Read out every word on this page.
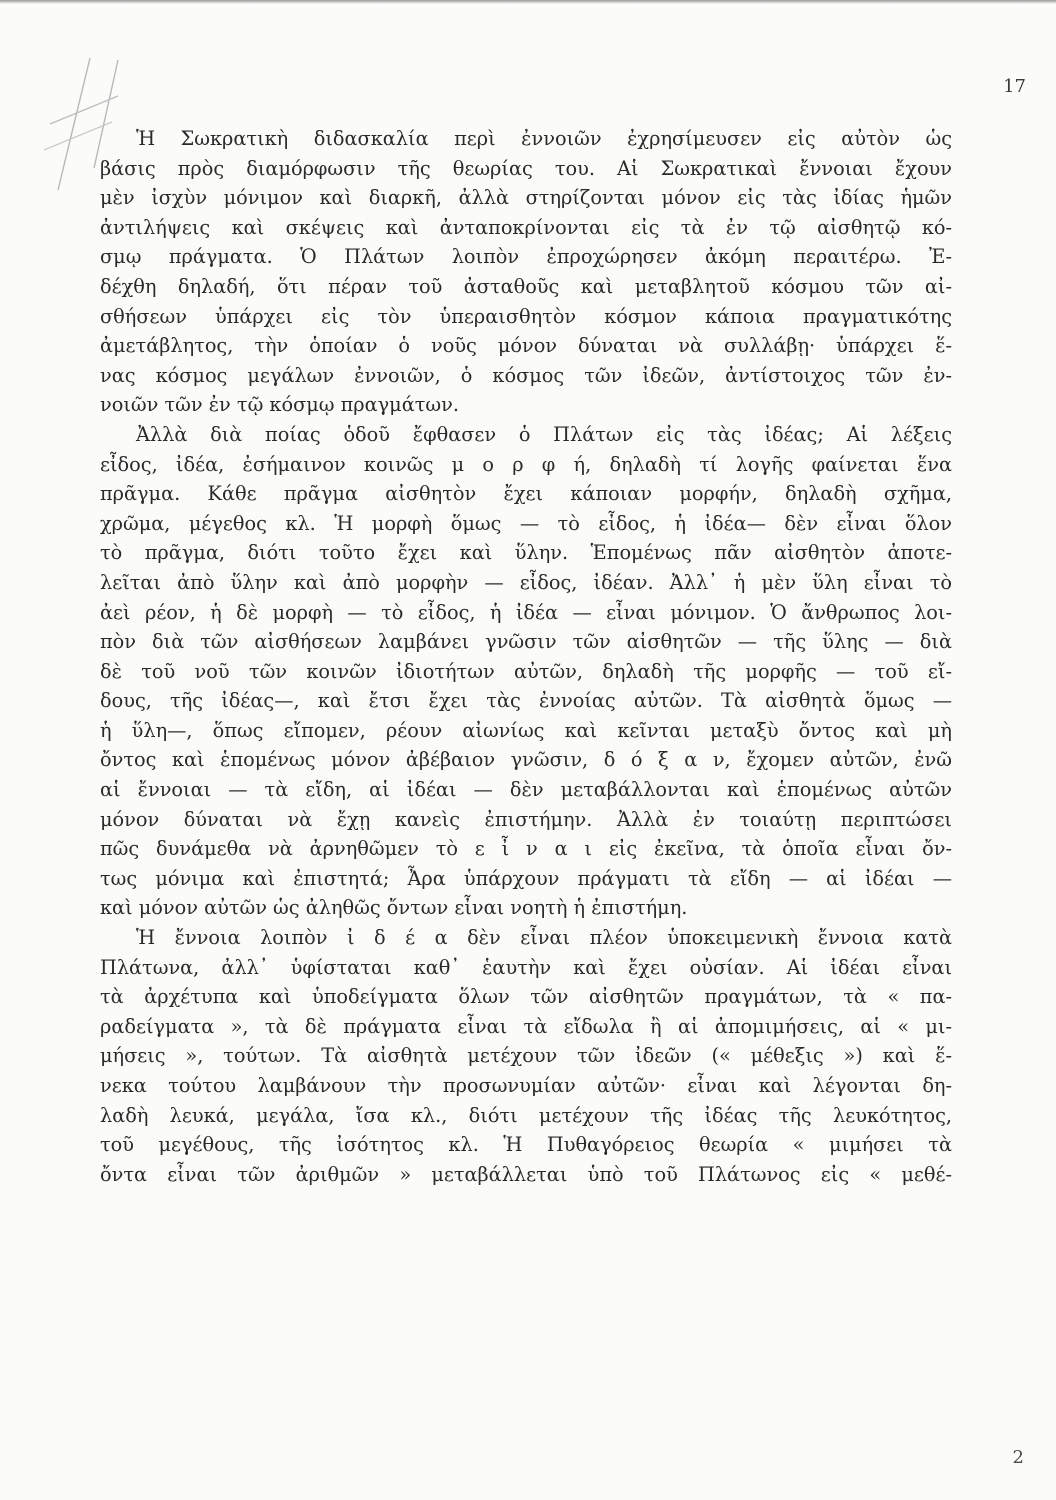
17
Ἡ Σωκρατικὴ διδασκαλία περὶ ἐννοιῶν ἐχρησίμευσεν εἰς αὐτὸν ὡς
βάσις πρὸς διαμόρφωσιν τῆς θεωρίας του. Αἱ Σωκρατικαὶ ἔννοιαι ἔχουν
μὲν ἰσχὺν μόνιμον καὶ διαρκῆ, ἀλλὰ στηρίζονται μόνον εἰς τὰς ἰδίας ἡμῶν
ἀντιλήψεις καὶ σκέψεις καὶ ἀνταποκρίνονται εἰς τὰ ἐν τῷ αἰσθητῷ κό-
σμῳ πράγματα. Ὁ Πλάτων λοιπὸν ἐπροχώρησεν ἀκόμη περαιτέρω. Ἐ-
δέχθη δηλαδή, ὅτι πέραν τοῦ ἀσταθοῦς καὶ μεταβλητοῦ κόσμου τῶν αἰ-
σθήσεων ὑπάρχει εἰς τὸν ὑπεραισθητὸν κόσμον κάποια πραγματικότης
ἀμετάβλητος, τὴν ὁποίαν ὁ νοῦς μόνον δύναται νὰ συλλάβῃ· ὑπάρχει ἕ-
νας κόσμος μεγάλων ἐννοιῶν, ὁ κόσμος τῶν ἰδεῶν, ἀντίστοιχος τῶν ἐν-
νοιῶν τῶν ἐν τῷ κόσμῳ πραγμάτων.
Ἀλλὰ διὰ ποίας ὁδοῦ ἔφθασεν ὁ Πλάτων εἰς τὰς ἰδέας; Αἱ λέξεις
εἶδος, ἰδέα, ἐσήμαινον κοινῶς μ ο ρ φ ή, δηλαδὴ τί λογῆς φαίνεται ἕνα
πρᾶγμα. Κάθε πρᾶγμα αἰσθητὸν ἔχει κάποιαν μορφήν, δηλαδὴ σχῆμα,
χρῶμα, μέγεθος κλ. Ἡ μορφὴ ὅμως — τὸ εἶδος, ἡ ἰδέα— δὲν εἶναι ὅλον
τὸ πρᾶγμα, διότι τοῦτο ἔχει καὶ ὕλην. Ἑπομένως πᾶν αἰσθητὸν ἀποτε-
λεῖται ἀπὸ ὕλην καὶ ἀπὸ μορφὴν — εἶδος, ἰδέαν. Ἀλλ᾽ ἡ μὲν ὕλη εἶναι τὸ
ἀεὶ ρέον, ἡ δὲ μορφὴ — τὸ εἶδος, ἡ ἰδέα — εἶναι μόνιμον. Ὁ ἄνθρωπος λοι-
πὸν διὰ τῶν αἰσθήσεων λαμβάνει γνῶσιν τῶν αἰσθητῶν — τῆς ὕλης — διὰ
δὲ τοῦ νοῦ τῶν κοινῶν ἰδιοτήτων αὐτῶν, δηλαδὴ τῆς μορφῆς — τοῦ εἴ-
δους, τῆς ἰδέας—, καὶ ἔτσι ἔχει τὰς ἐννοίας αὐτῶν. Τὰ αἰσθητὰ ὅμως —
ἡ ὕλη—, ὅπως εἴπομεν, ρέουν αἰωνίως καὶ κεῖνται μεταξὺ ὄντος καὶ μὴ
ὄντος καὶ ἑπομένως μόνον ἀβέβαιον γνῶσιν, δ ό ξ α ν, ἔχομεν αὐτῶν, ἐνῶ
αἱ ἔννοιαι — τὰ εἴδη, αἱ ἰδέαι — δὲν μεταβάλλονται καὶ ἑπομένως αὐτῶν
μόνον δύναται νὰ ἔχῃ κανεὶς ἐπιστήμην. Ἀλλὰ ἐν τοιαύτῃ περιπτώσει
πῶς δυνάμεθα νὰ ἀρνηθῶμεν τὸ ε ἶ ν α ι εἰς ἐκεῖνα, τὰ ὁποῖα εἶναι ὄν-
τως μόνιμα καὶ ἐπιστητά; Ἆρα ὑπάρχουν πράγματι τὰ εἴδη — αἱ ἰδέαι —
καὶ μόνον αὐτῶν ὡς ἀληθῶς ὄντων εἶναι νοητὴ ἡ ἐπιστήμη.
Ἡ ἔννοια λοιπὸν ἰ δ έ α δὲν εἶναι πλέον ὑποκειμενικὴ ἔννοια κατὰ
Πλάτωνα, ἀλλ᾽ ὑφίσταται καθ᾽ ἑαυτὴν καὶ ἔχει οὐσίαν. Αἱ ἰδέαι εἶναι
τὰ ἀρχέτυπα καὶ ὑποδείγματα ὅλων τῶν αἰσθητῶν πραγμάτων, τὰ « πα-
ραδείγματα », τὰ δὲ πράγματα εἶναι τὰ εἴδωλα ἢ αἱ ἀπομιμήσεις, αἱ « μι-
μήσεις », τούτων. Τὰ αἰσθητὰ μετέχουν τῶν ἰδεῶν (« μέθεξις ») καὶ ἕ-
νεκα τούτου λαμβάνουν τὴν προσωνυμίαν αὐτῶν· εἶναι καὶ λέγονται δη-
λαδὴ λευκά, μεγάλα, ἴσα κλ., διότι μετέχουν τῆς ἰδέας τῆς λευκότητος,
τοῦ μεγέθους, τῆς ἰσότητος κλ. Ἡ Πυθαγόρειος θεωρία « μιμήσει τὰ
ὄντα εἶναι τῶν ἀριθμῶν » μεταβάλλεται ὑπὸ τοῦ Πλάτωνος εἰς « μεθέ-
2
